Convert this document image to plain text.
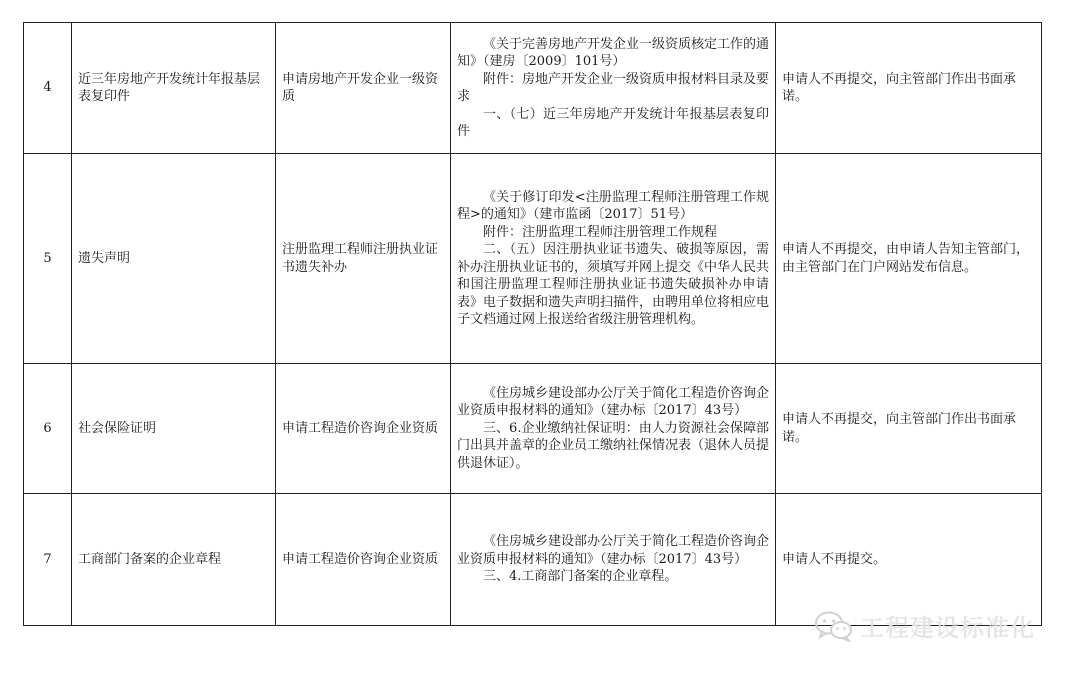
4	近三年房地产开发统计年报基层表复印件	申请房地产开发企业一级资质	《关于完善房地产开发企业一级资质核定工作的通知》（建房〔2009〕101号）

附件：房地产开发企业一级资质申报材料目录及要求

一、（七）近三年房地产开发统计年报基层表复印件	申请人不再提交，向主管部门作出书面承诺。
5	遗失声明	注册监理工程师注册执业证书遗失补办	《关于修订印发<注册监理工程师注册管理工作规程>的通知》（建市监函〔2017〕51号）

附件：注册监理工程师注册管理工作规程

二、（五）因注册执业证书遗失、破损等原因，需补办注册执业证书的，须填写并网上提交《中华人民共和国注册监理工程师注册执业证书遗失破损补办申请表》电子数据和遗失声明扫描件，由聘用单位将相应电子文档通过网上报送给省级注册管理机构。	申请人不再提交，由申请人告知主管部门，由主管部门在门户网站发布信息。
6	社会保险证明	申请工程造价咨询企业资质	《住房城乡建设部办公厅关于简化工程造价咨询企业资质申报材料的通知》（建办标〔2017〕43号）

三、6.企业缴纳社保证明：由人力资源社会保障部门出具并盖章的企业员工缴纳社保情况表（退休人员提供退休证）。	申请人不再提交，向主管部门作出书面承诺。
7	工商部门备案的企业章程	申请工程造价咨询企业资质	《住房城乡建设部办公厅关于简化工程造价咨询企业资质申报材料的通知》（建办标〔2017〕43号）

三、4.工商部门备案的企业章程。	申请人不再提交。
工程建设标准化
